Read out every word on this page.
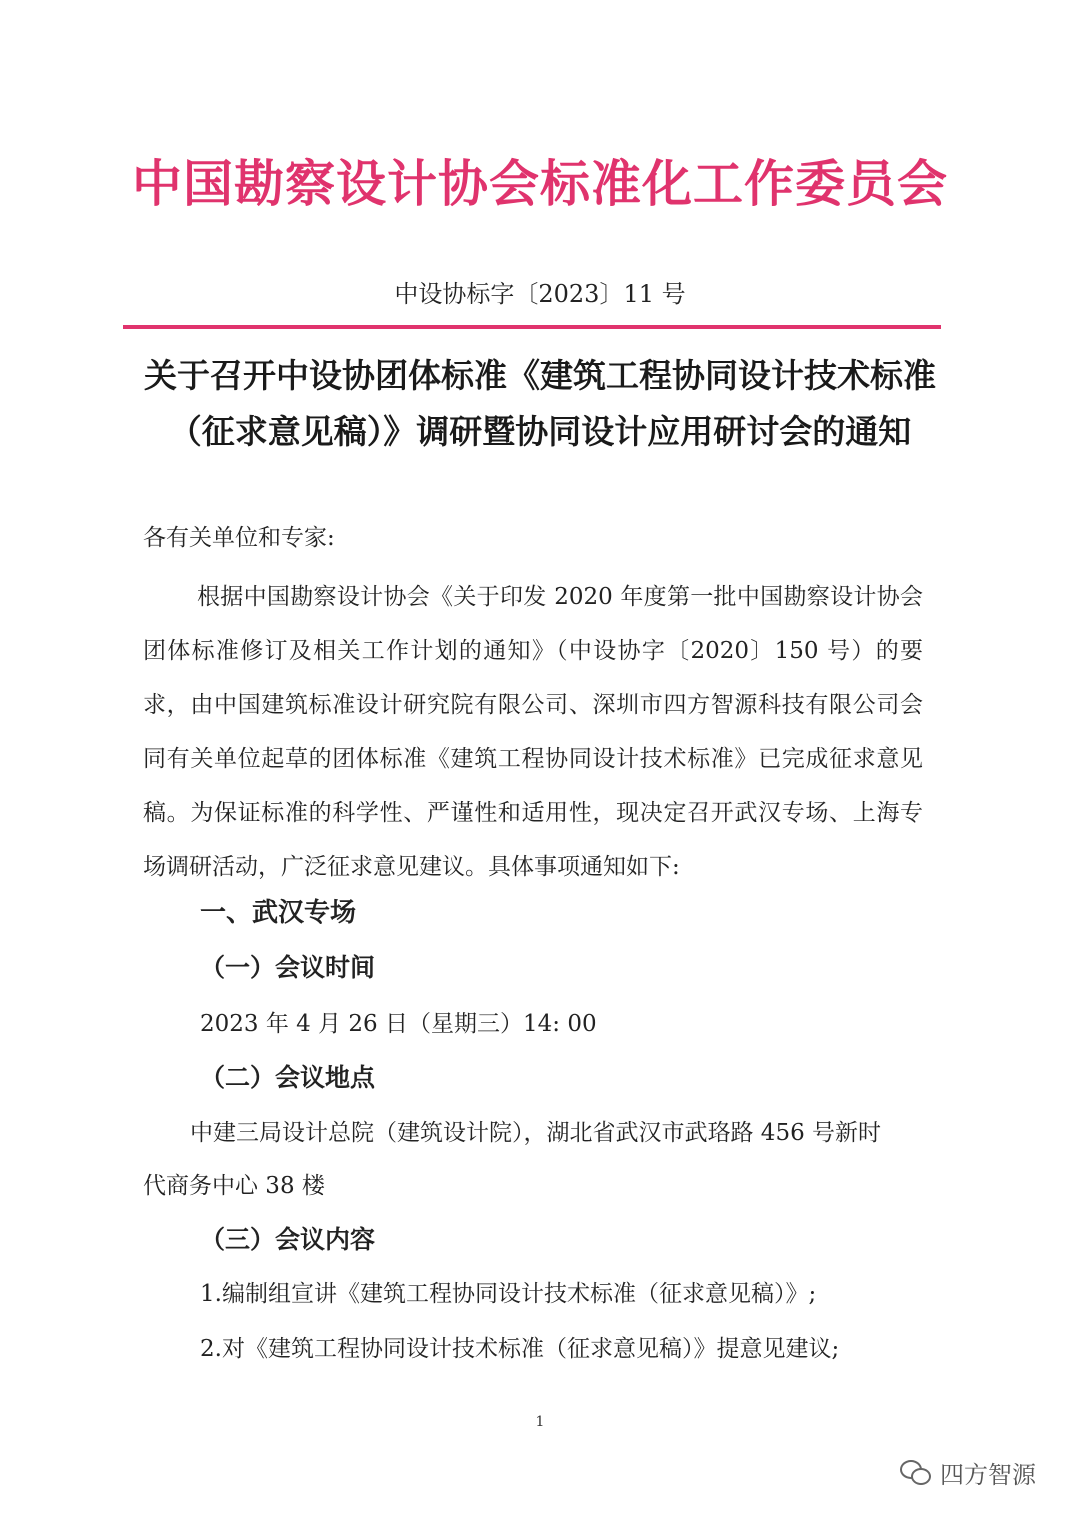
中国勘察设计协会标准化工作委员会
中设协标字〔2023〕11 号
关于召开中设协团体标准《建筑工程协同设计技术标准
（征求意见稿）》调研暨协同设计应用研讨会的通知
各有关单位和专家:
根据中国勘察设计协会《关于印发 2020 年度第一批中国勘察设计协会团体标准修订及相关工作计划的通知》（中设协字〔2020〕150 号）的要求，由中国建筑标准设计研究院有限公司、深圳市四方智源科技有限公司会同有关单位起草的团体标准《建筑工程协同设计技术标准》已完成征求意见稿。为保证标准的科学性、严谨性和适用性，现决定召开武汉专场、上海专场调研活动，广泛征求意见建议。具体事项通知如下:
一、武汉专场
（一）会议时间
2023 年 4 月 26 日（星期三）14: 00
（二）会议地点
中建三局设计总院（建筑设计院），湖北省武汉市武珞路 456 号新时
代商务中心 38 楼
（三）会议内容
1.编制组宣讲《建筑工程协同设计技术标准（征求意见稿）》;
2.对《建筑工程协同设计技术标准（征求意见稿）》提意见建议;
1
四方智源
